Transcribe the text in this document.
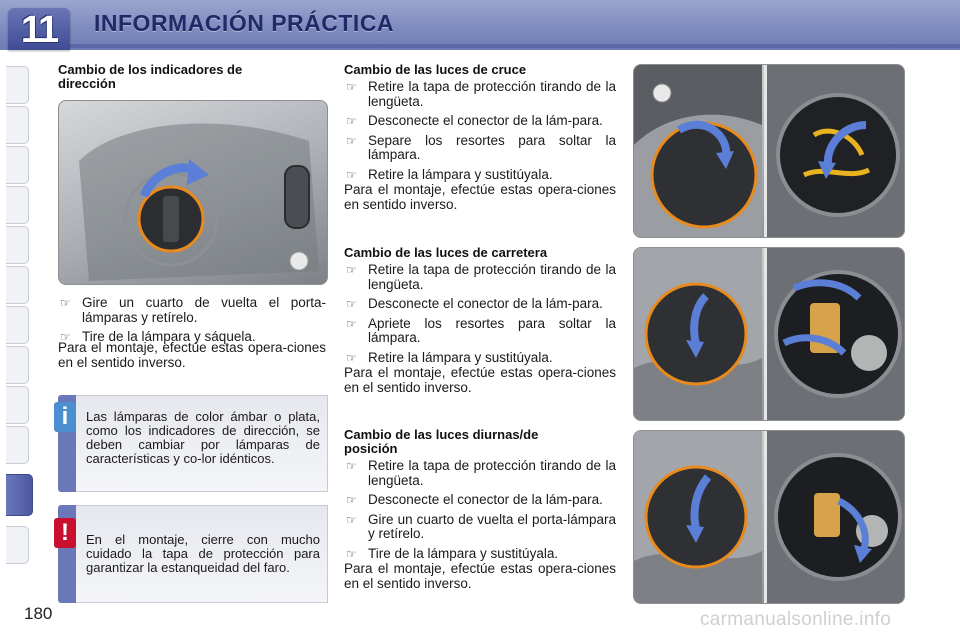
11	INFORMACIÓN PRÁCTICA
Cambio de los indicadores de dirección
☞ Gire un cuarto de vuelta el porta-lámparas y retírelo.
☞ Tire de la lámpara y sáquela.
Para el montaje, efectúe estas opera-ciones en el sentido inverso.
i	Las lámparas de color ámbar o plata, como los indicadores de dirección, se deben cambiar por lámparas de características y co-lor idénticos.
!	En el montaje, cierre con mucho cuidado la tapa de protección para garantizar la estanqueidad del faro.
Cambio de las luces de cruce
☞ Retire la tapa de protección tirando de la lengüeta.
☞ Desconecte el conector de la lám-para.
☞ Separe los resortes para soltar la lámpara.
☞ Retire la lámpara y sustitúyala.
Para el montaje, efectúe estas opera-ciones en sentido inverso.
Cambio de las luces de carretera
☞ Retire la tapa de protección tirando de la lengüeta.
☞ Desconecte el conector de la lám-para.
☞ Apriete los resortes para soltar la lámpara.
☞ Retire la lámpara y sustitúyala.
Para el montaje, efectúe estas opera-ciones en el sentido inverso.
Cambio de las luces diurnas/de posición
☞ Retire la tapa de protección tirando de la lengüeta.
☞ Desconecte el conector de la lám-para.
☞ Gire un cuarto de vuelta el porta-lámpara y retírelo.
☞ Tire de la lámpara y sustitúyala.
Para el montaje, efectúe estas opera-ciones en el sentido inverso.
180	carmanualsonline.info
